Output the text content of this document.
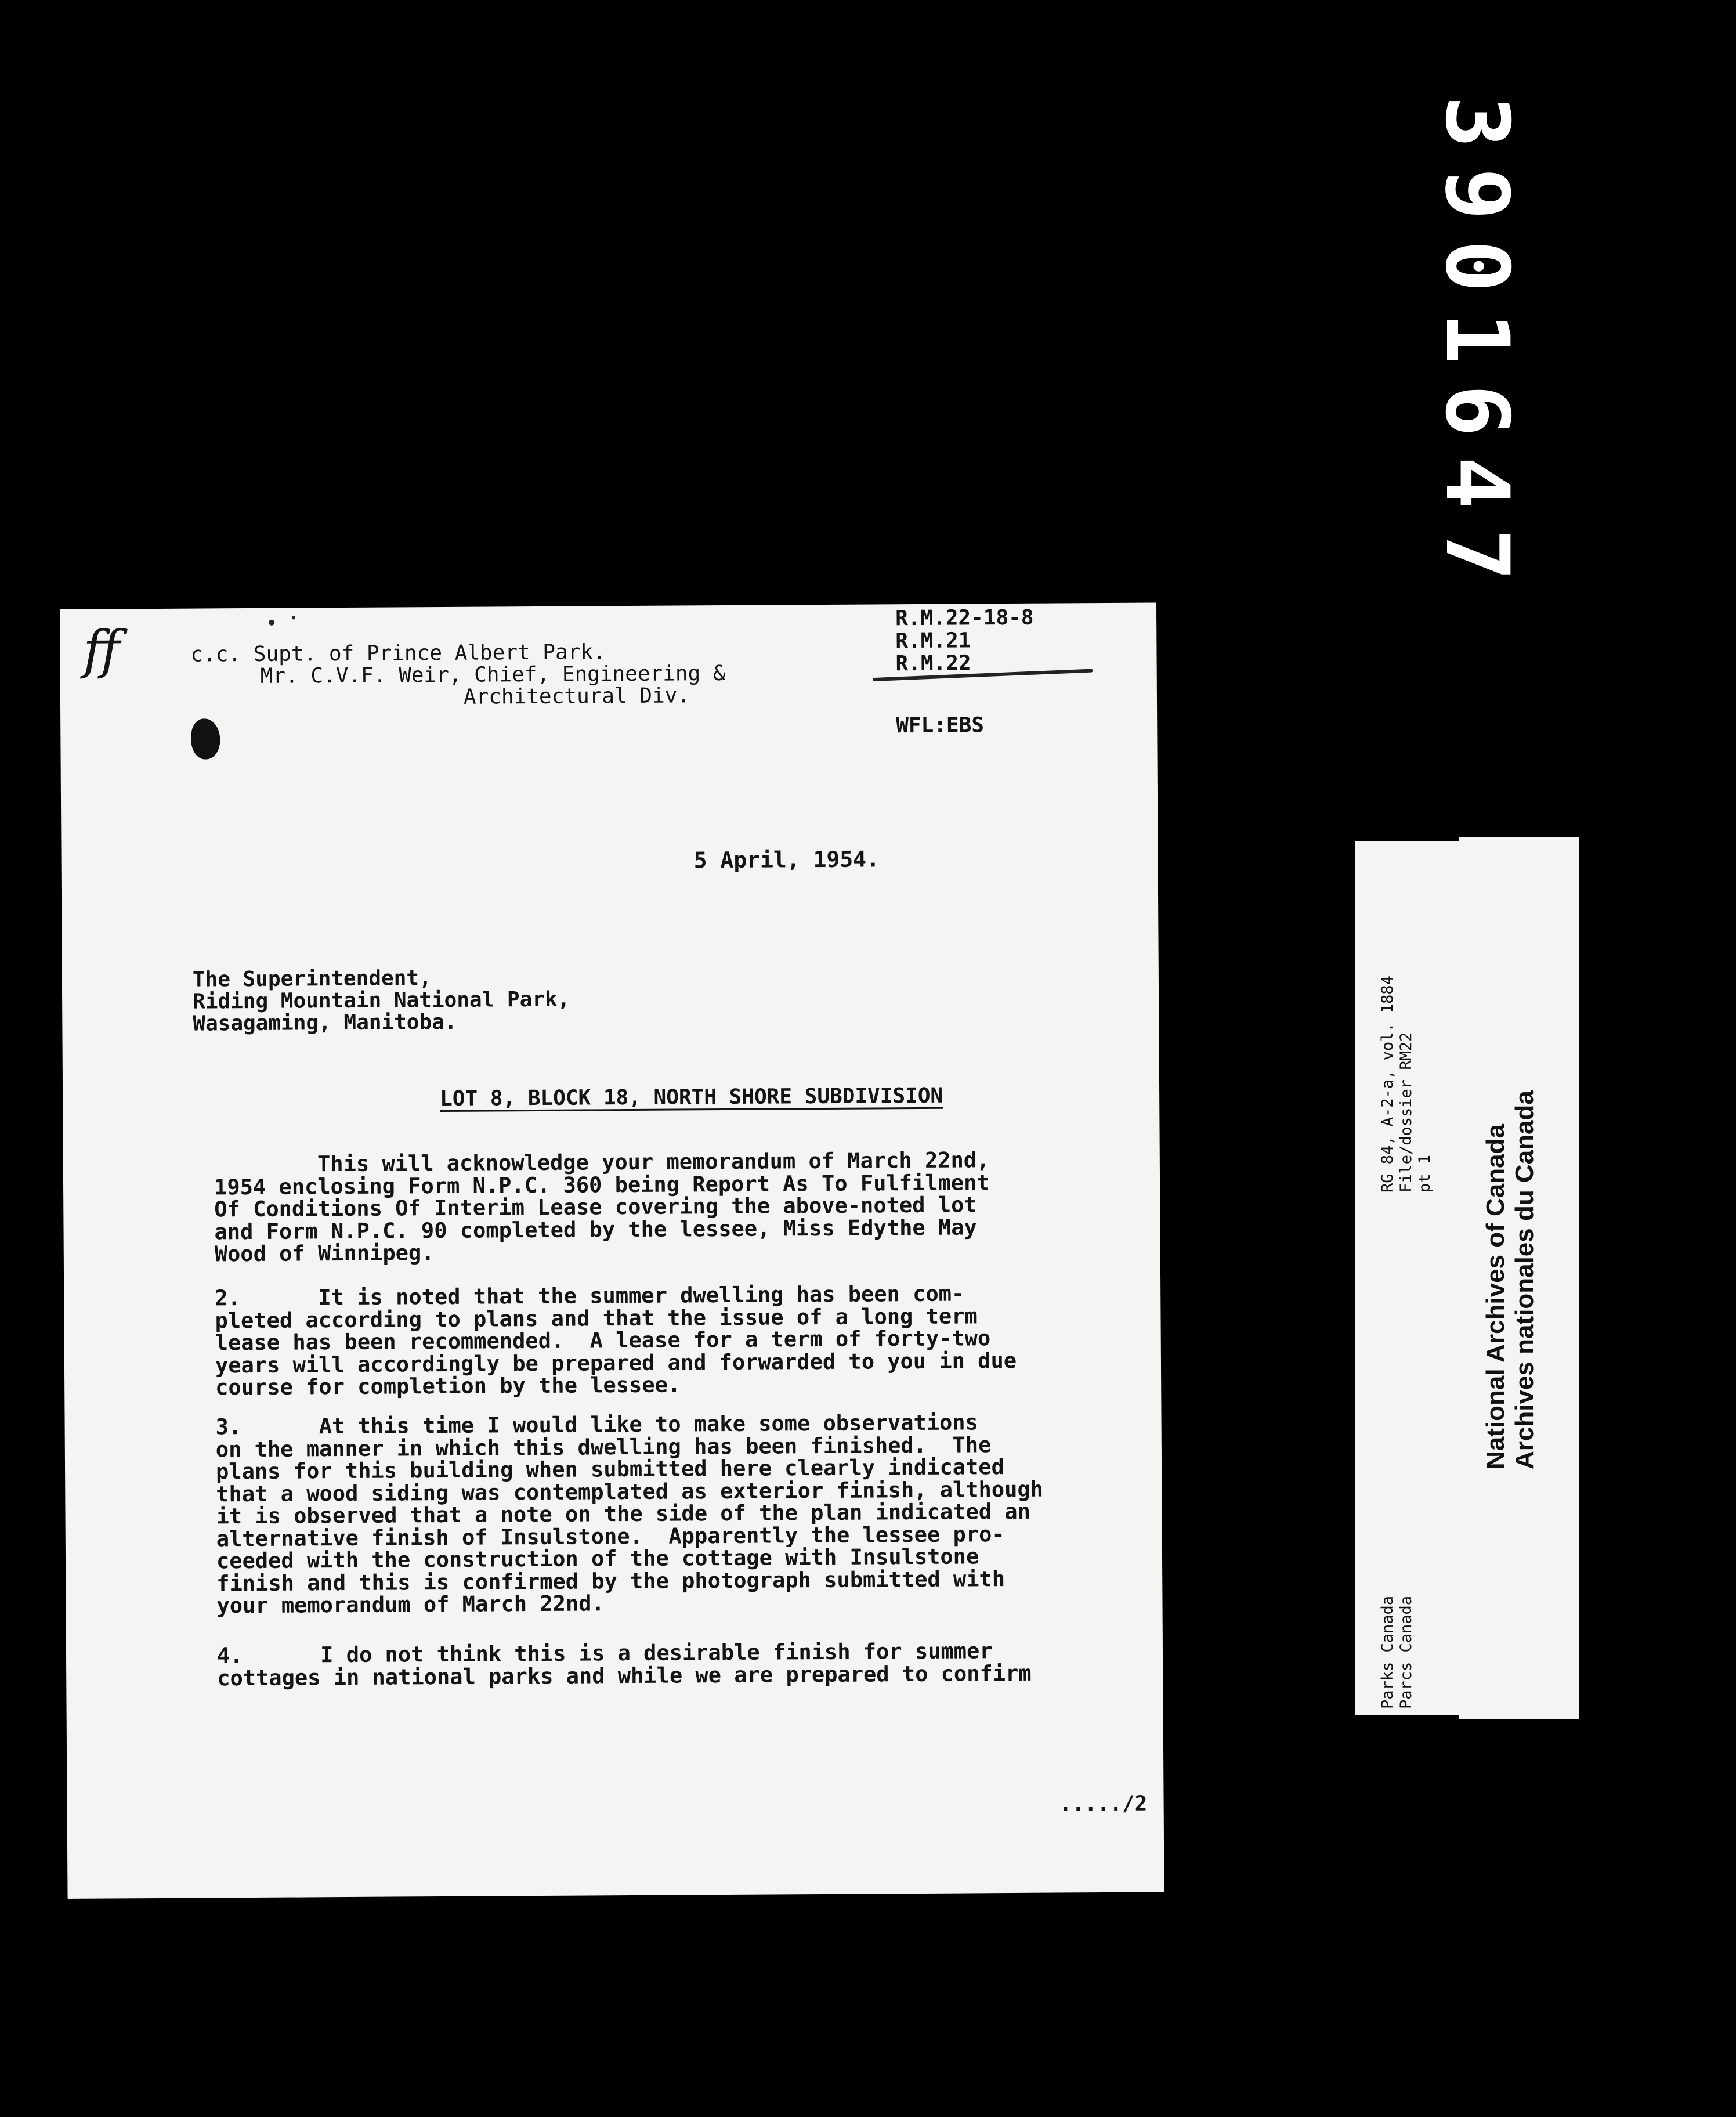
3901647
R.M.22-18-8
R.M.21
R.M.22
WFL:EBS
ff	c.c. Supt. of Prince Albert Park.
Mr. C.V.F. Weir, Chief, Engineering &
Architectural Div.
5 April, 1954.
The Superintendent,
Riding Mountain National Park,
Wasagaming, Manitoba.
LOT 8, BLOCK 18, NORTH SHORE SUBDIVISION
This will acknowledge your memorandum of March 22nd,
1954 enclosing Form N.P.C. 360 being Report As To Fulfilment
Of Conditions Of Interim Lease covering the above-noted lot
and Form N.P.C. 90 completed by the lessee, Miss Edythe May
Wood of Winnipeg.
2.      It is noted that the summer dwelling has been com-
pleted according to plans and that the issue of a long term
lease has been recommended.  A lease for a term of forty-two
years will accordingly be prepared and forwarded to you in due
course for completion by the lessee.
3.      At this time I would like to make some observations
on the manner in which this dwelling has been finished.  The
plans for this building when submitted here clearly indicated
that a wood siding was contemplated as exterior finish, although
it is observed that a note on the side of the plan indicated an
alternative finish of Insulstone.  Apparently the lessee pro-
ceeded with the construction of the cottage with Insulstone
finish and this is confirmed by the photograph submitted with
your memorandum of March 22nd.
4.      I do not think this is a desirable finish for summer
cottages in national parks and while we are prepared to confirm
...../2
Parks Canada Parcs Canada
RG 84, A-2-a, vol. 1884 File/dossier RM22 pt 1 National Archives of Canada Archives nationales du Canada
